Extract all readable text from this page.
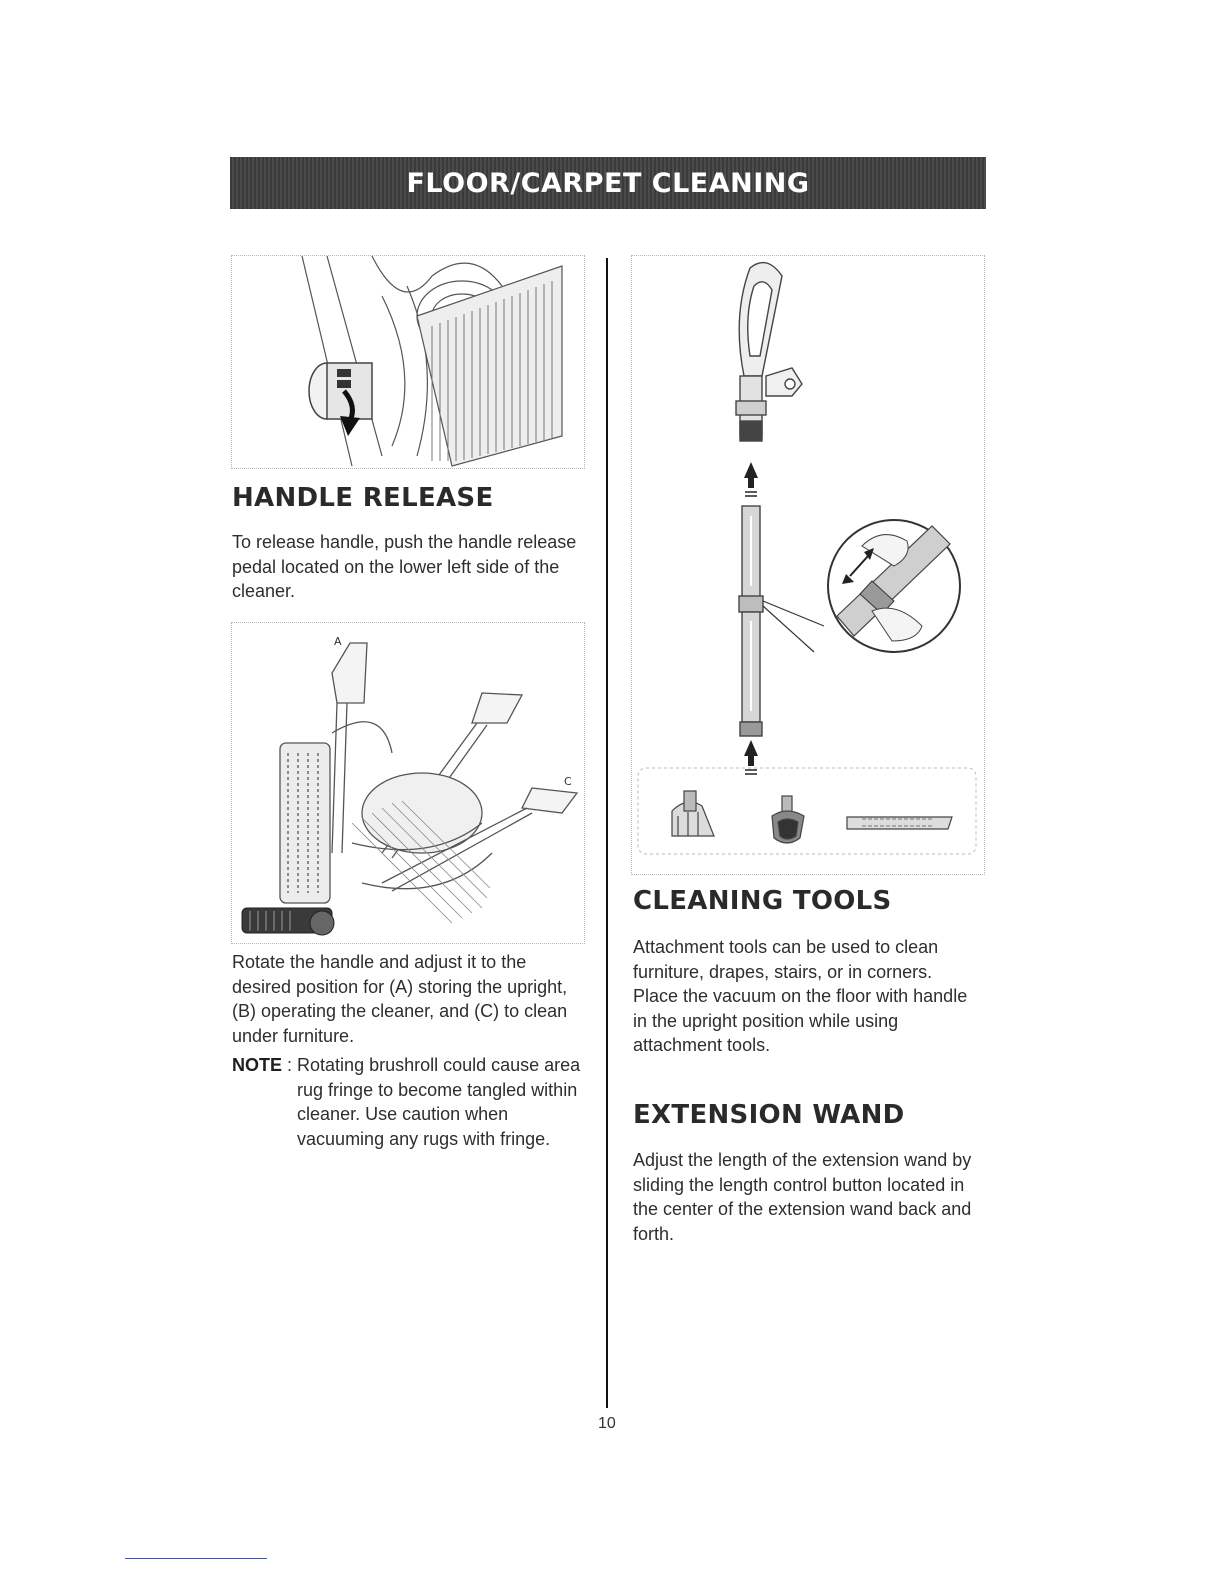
FLOOR/CARPET CLEANING
HANDLE RELEASE

To release handle, push the handle release pedal located on the lower left side of the cleaner.

A
C

Rotate the handle and adjust it to the desired position for (A) storing the upright, (B) operating the cleaner, and (C) to clean under furniture.

NOTE : Rotating brushroll could cause area rug fringe to become tangled within cleaner. Use caution when vacuuming any rugs with fringe.
CLEANING TOOLS

Attachment tools can be used to clean furniture, drapes, stairs, or in corners. Place the vacuum on the floor with handle in the upright position while using attachment tools.

EXTENSION WAND

Adjust the length of the extension wand by sliding the length control button located in the center of the extension wand back and forth.

10
